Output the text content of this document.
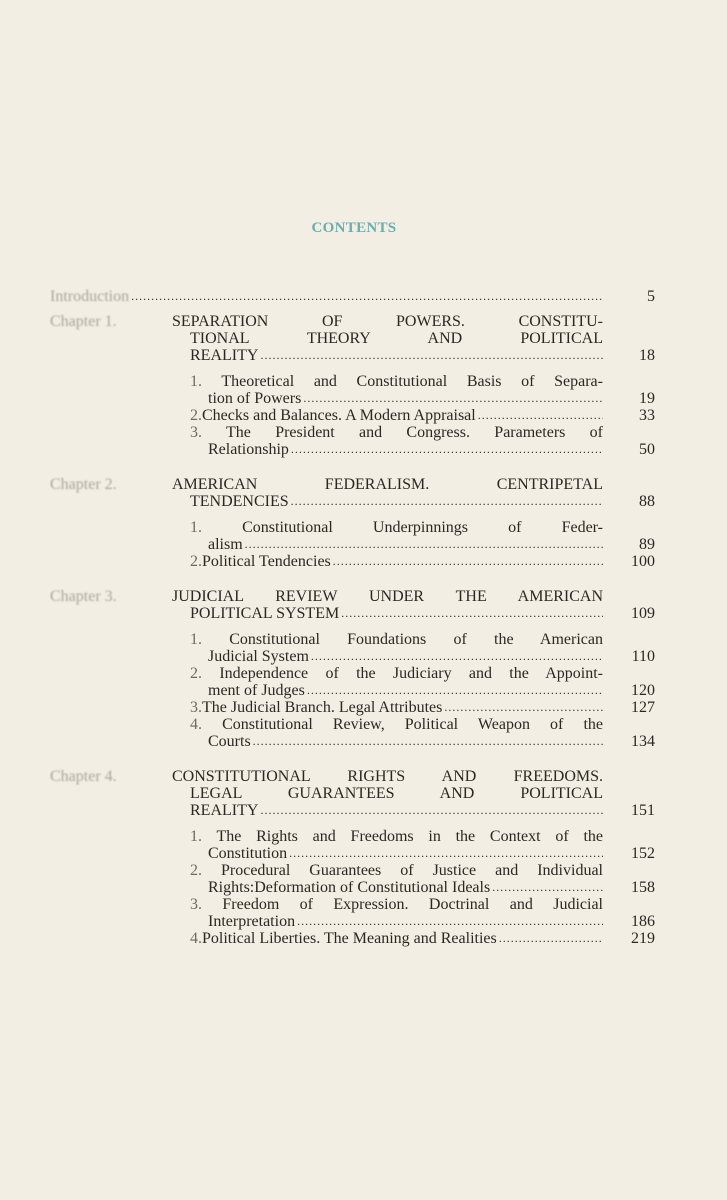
CONTENTS
Introduction .....	5
Chapter 1.	SEPARATION OF POWERS. CONSTITU-
TIONAL THEORY AND POLITICAL
REALITY .....	18
1. Theoretical and Constitutional Basis of Separa-
tion of Powers .....	19
2. Checks and Balances. A Modern Appraisal .....	33
3. The President and Congress. Parameters of
Relationship .....	50
Chapter 2.	AMERICAN FEDERALISM. CENTRIPETAL
TENDENCIES .....	88
1.	Constitutional Underpinnings of Feder-
alism .....	89
2. Political Tendencies .....	100
Chapter 3.	JUDICIAL REVIEW UNDER THE AMERICAN
POLITICAL SYSTEM .....	109
1. Constitutional Foundations of the American
Judicial System .....	110
2. Independence of the Judiciary and the Appoint-
ment of Judges .....	120
3. The Judicial Branch. Legal Attributes .....	127
4. Constitutional Review, Political Weapon of the
Courts .....	134
Chapter 4.	CONSTITUTIONAL RIGHTS AND FREEDOMS.
LEGAL GUARANTEES AND POLITICAL
REALITY .....	151
1. The Rights and Freedoms in the Context of the
Constitution .....	152
2. Procedural Guarantees of Justice and Individual
Rights:Deformation of Constitutional Ideals .....	158
3. Freedom of Expression. Doctrinal and Judicial
Interpretation .....	186
4. Political Liberties. The Meaning and Realities .....	219
